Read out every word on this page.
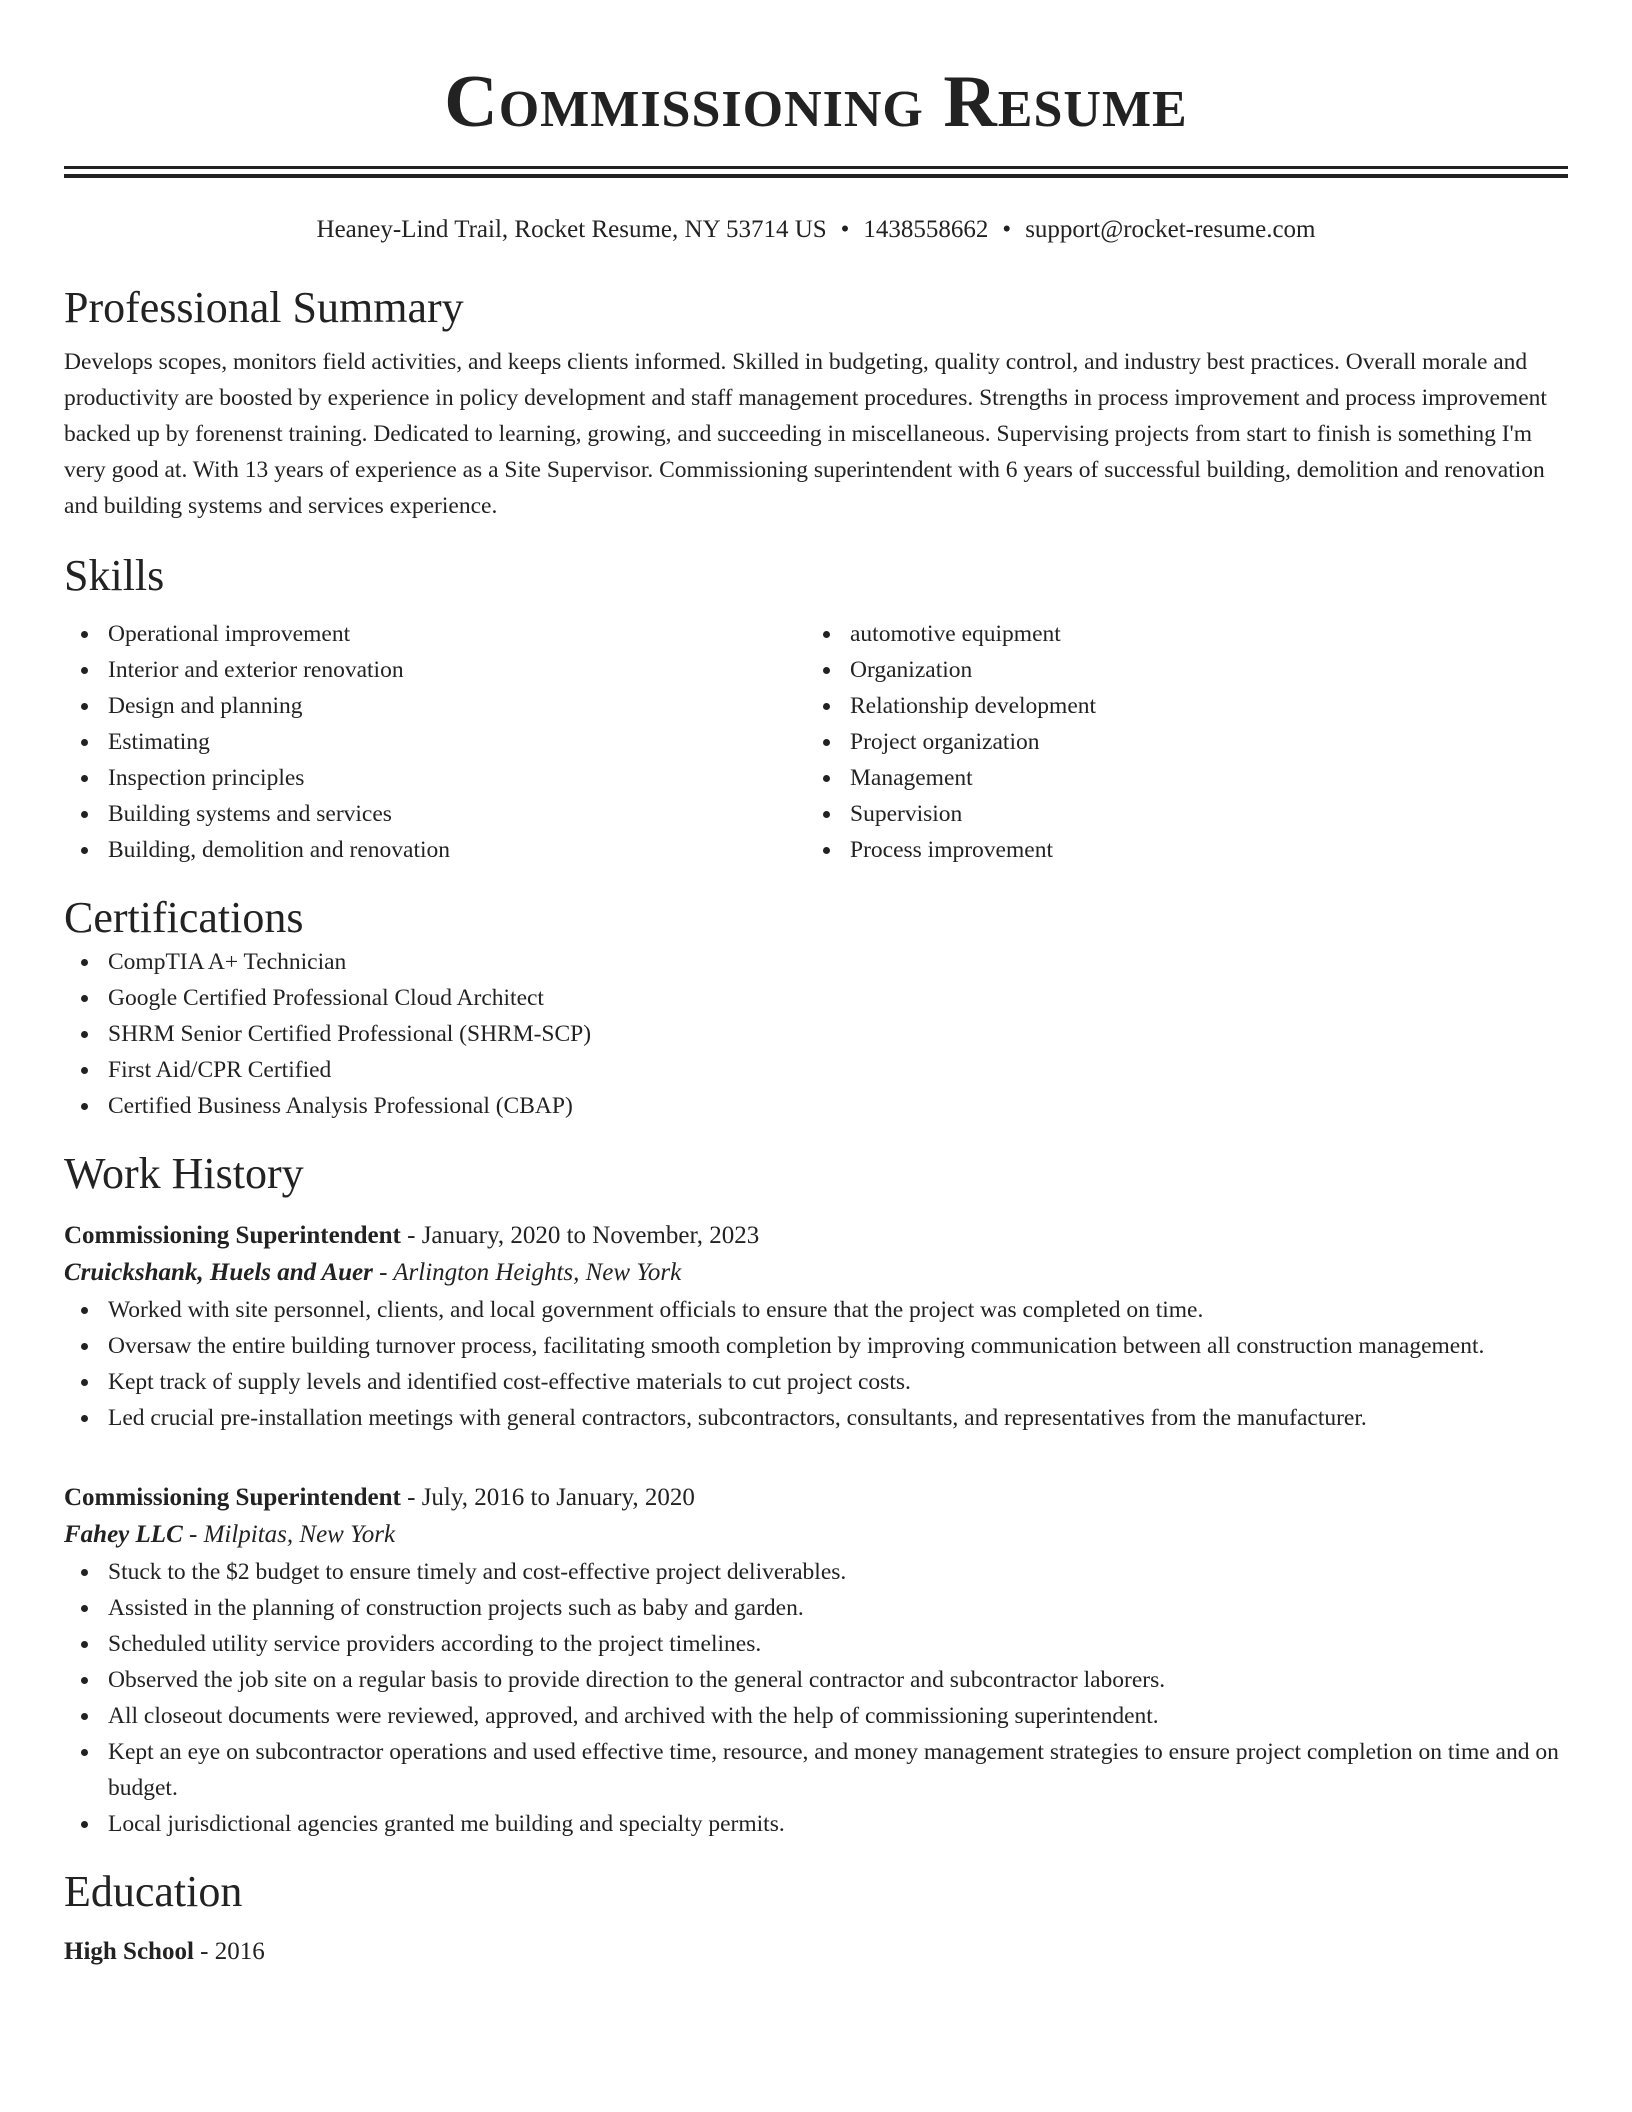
Commissioning Resume
Heaney-Lind Trail, Rocket Resume, NY 53714 US • 1438558662 • support@rocket-resume.com
Professional Summary
Develops scopes, monitors field activities, and keeps clients informed. Skilled in budgeting, quality control, and industry best practices. Overall morale and productivity are boosted by experience in policy development and staff management procedures. Strengths in process improvement and process improvement backed up by forenenst training. Dedicated to learning, growing, and succeeding in miscellaneous. Supervising projects from start to finish is something I'm very good at. With 13 years of experience as a Site Supervisor. Commissioning superintendent with 6 years of successful building, demolition and renovation and building systems and services experience.
Skills
Operational improvement
Interior and exterior renovation
Design and planning
Estimating
Inspection principles
Building systems and services
Building, demolition and renovation
automotive equipment
Organization
Relationship development
Project organization
Management
Supervision
Process improvement
Certifications
CompTIA A+ Technician
Google Certified Professional Cloud Architect
SHRM Senior Certified Professional (SHRM-SCP)
First Aid/CPR Certified
Certified Business Analysis Professional (CBAP)
Work History
Commissioning Superintendent - January, 2020 to November, 2023
Cruickshank, Huels and Auer - Arlington Heights, New York
Worked with site personnel, clients, and local government officials to ensure that the project was completed on time.
Oversaw the entire building turnover process, facilitating smooth completion by improving communication between all construction management.
Kept track of supply levels and identified cost-effective materials to cut project costs.
Led crucial pre-installation meetings with general contractors, subcontractors, consultants, and representatives from the manufacturer.
Commissioning Superintendent - July, 2016 to January, 2020
Fahey LLC - Milpitas, New York
Stuck to the $2 budget to ensure timely and cost-effective project deliverables.
Assisted in the planning of construction projects such as baby and garden.
Scheduled utility service providers according to the project timelines.
Observed the job site on a regular basis to provide direction to the general contractor and subcontractor laborers.
All closeout documents were reviewed, approved, and archived with the help of commissioning superintendent.
Kept an eye on subcontractor operations and used effective time, resource, and money management strategies to ensure project completion on time and on budget.
Local jurisdictional agencies granted me building and specialty permits.
Education
High School - 2016
